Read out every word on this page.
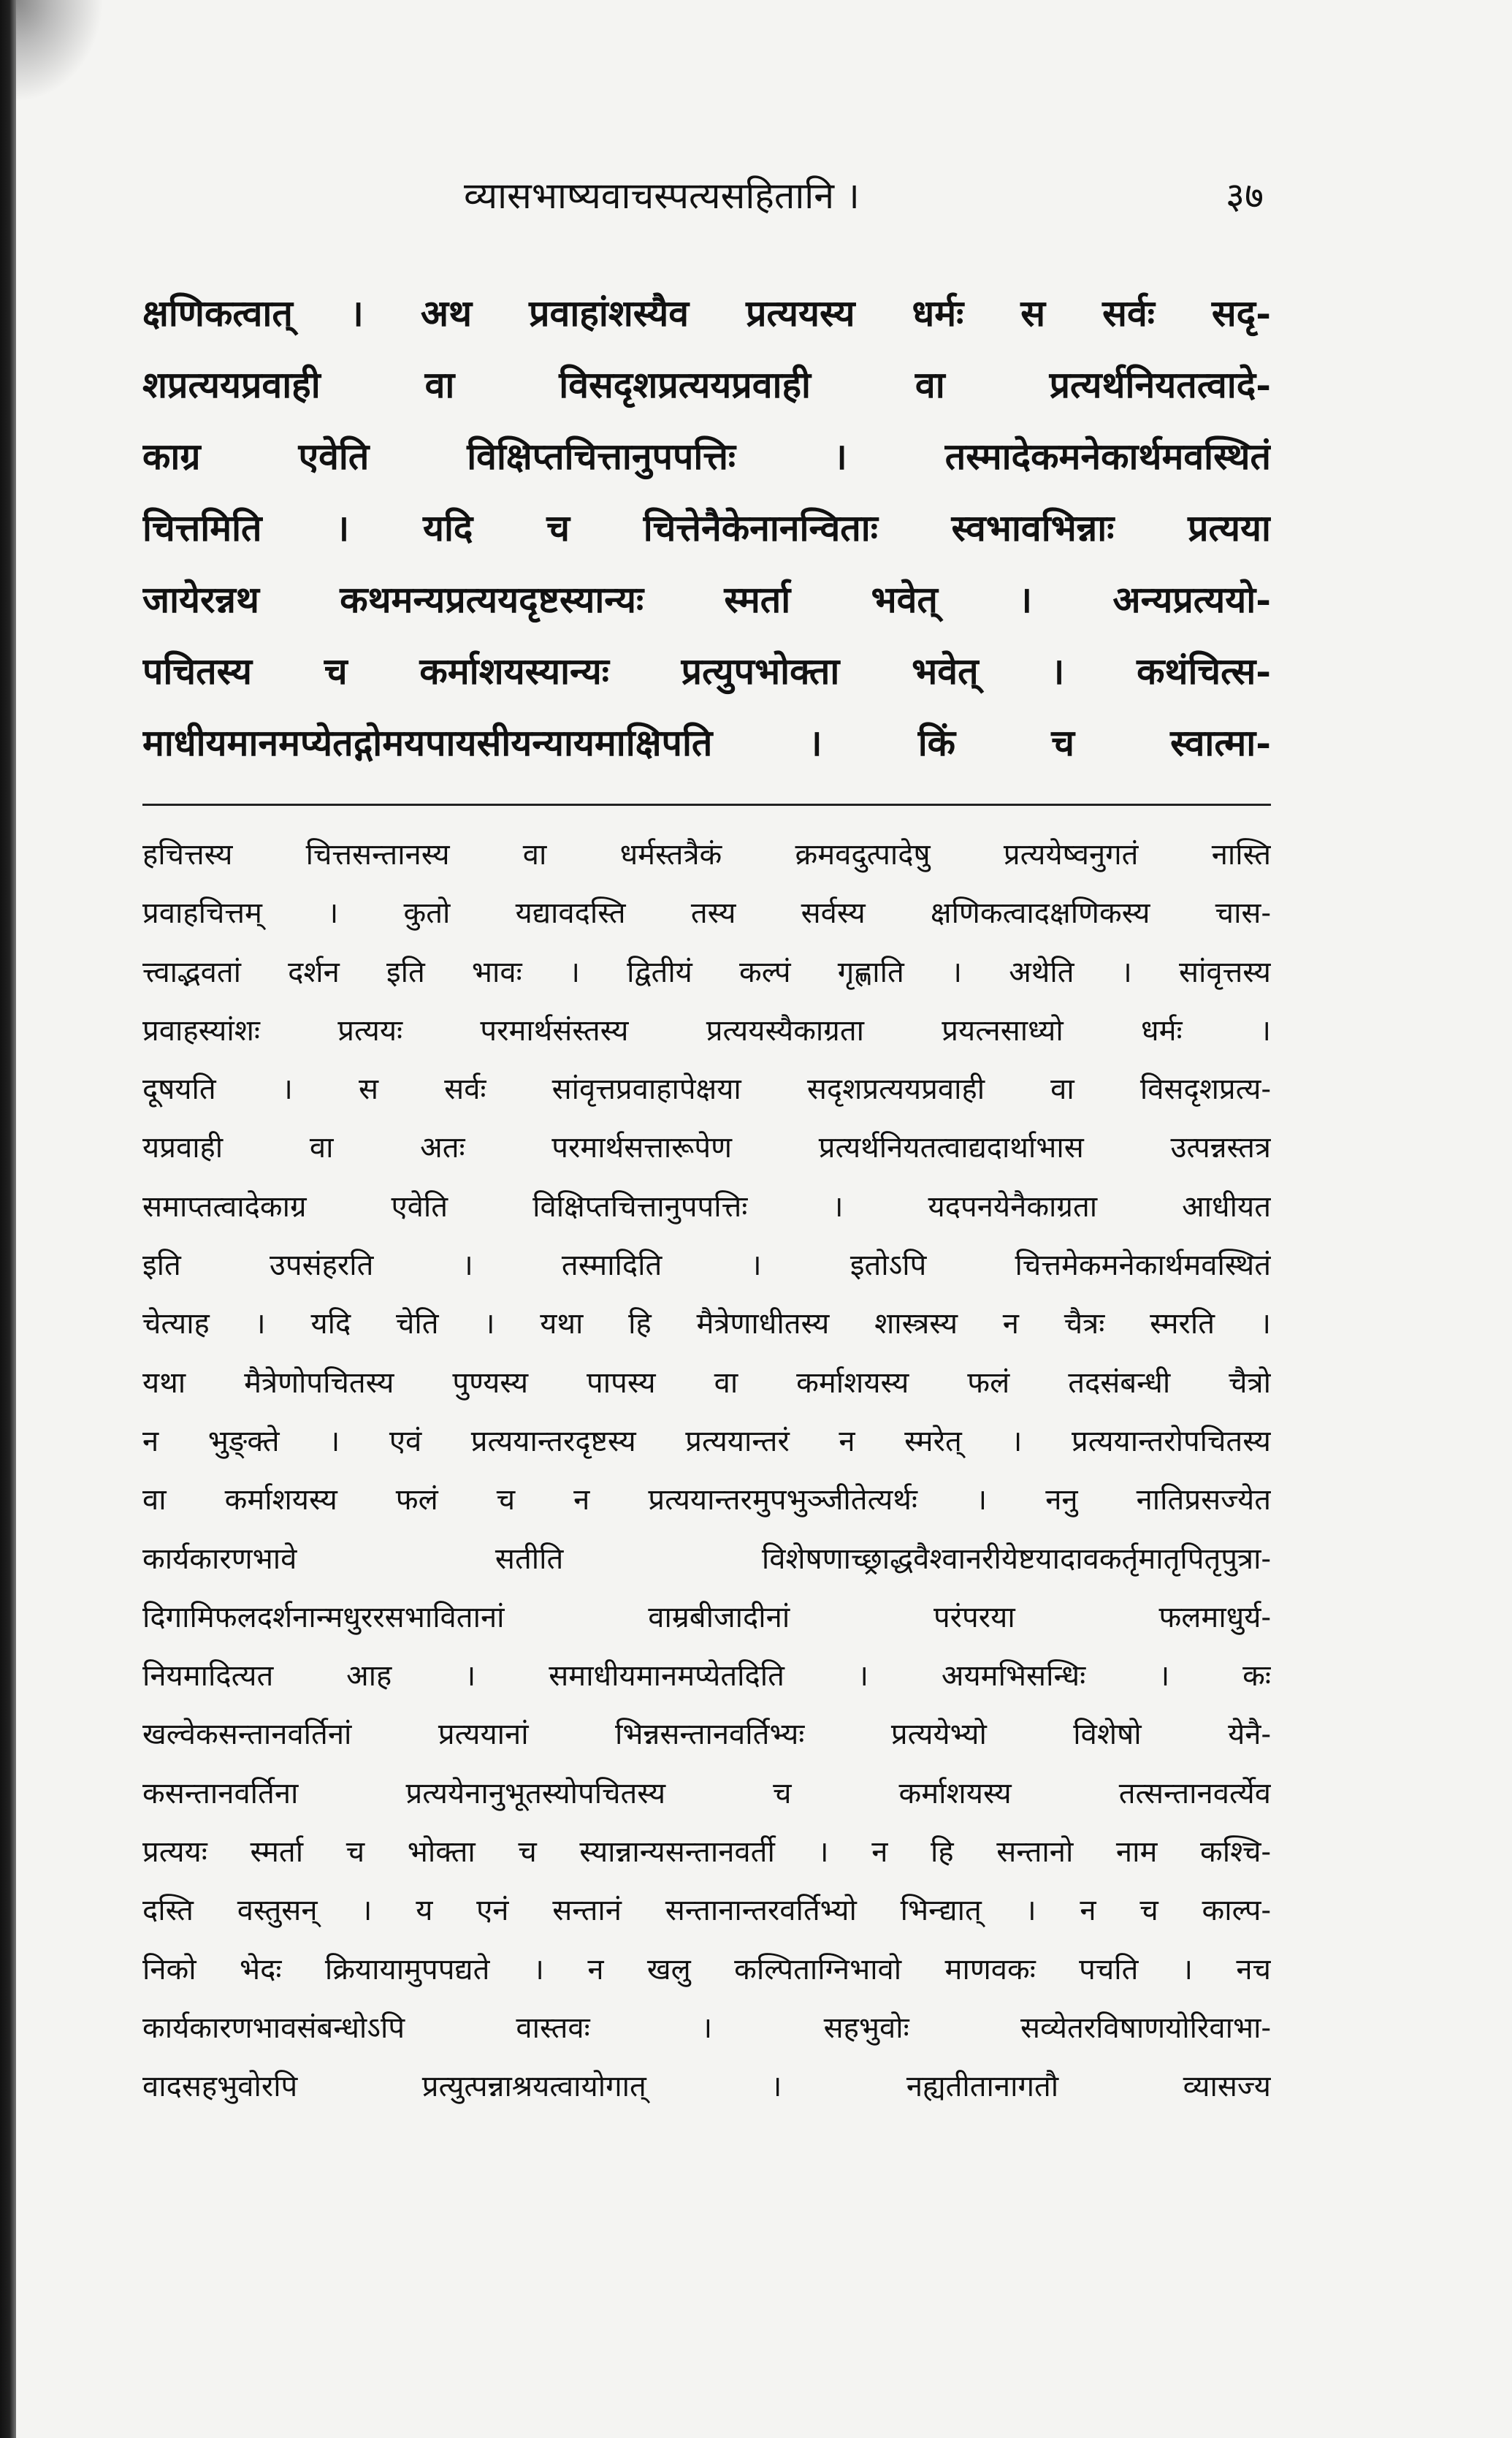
व्यासभाष्यवाचस्पत्यसहितानि ।	३७
क्षणिकत्वात् । अथ प्रवाहांशस्यैव प्रत्ययस्य धर्मः स सर्वः सदृ-
शप्रत्ययप्रवाही वा विसदृशप्रत्ययप्रवाही वा प्रत्यर्थनियतत्वादे-
काग्र एवेति विक्षिप्तचित्तानुपपत्तिः । तस्मादेकमनेकार्थमवस्थितं
चित्तमिति । यदि च चित्तेनैकेनानन्विताः स्वभावभिन्नाः प्रत्यया
जायेरन्नथ कथमन्यप्रत्ययदृष्टस्यान्यः स्मर्ता भवेत् । अन्यप्रत्ययो-
पचितस्य च कर्माशयस्यान्यः प्रत्युपभोक्ता भवेत् । कथंचित्स-
माधीयमानमप्येतद्गोमयपायसीयन्यायमाक्षिपति । किं च स्वात्मा-
हचित्तस्य चित्तसन्तानस्य वा धर्मस्तत्रैकं क्रमवदुत्पादेषु प्रत्ययेष्वनुगतं नास्ति
प्रवाहचित्तम् । कुतो यद्यावदस्ति तस्य सर्वस्य क्षणिकत्वादक्षणिकस्य चास-
त्त्वाद्भवतां दर्शन इति भावः । द्वितीयं कल्पं गृह्णाति । अथेति । सांवृत्तस्य
प्रवाहस्यांशः प्रत्ययः परमार्थसंस्तस्य प्रत्ययस्यैकाग्रता प्रयत्नसाध्यो धर्मः ।
दूषयति । स सर्वः सांवृत्तप्रवाहापेक्षया सदृशप्रत्ययप्रवाही वा विसदृशप्रत्य-
यप्रवाही वा अतः परमार्थसत्तारूपेण प्रत्यर्थनियतत्वाद्यदार्थाभास उत्पन्नस्तत्र
समाप्तत्वादेकाग्र एवेति विक्षिप्तचित्तानुपपत्तिः । यदपनयेनैकाग्रता आधीयत
इति उपसंहरति । तस्मादिति । इतोऽपि चित्तमेकमनेकार्थमवस्थितं
चेत्याह । यदि चेति । यथा हि मैत्रेणाधीतस्य शास्त्रस्य न चैत्रः स्मरति ।
यथा मैत्रेणोपचितस्य पुण्यस्य पापस्य वा कर्माशयस्य फलं तदसंबन्धी चैत्रो
न भुङ्क्ते । एवं प्रत्ययान्तरदृष्टस्य प्रत्ययान्तरं न स्मरेत् । प्रत्ययान्तरोपचितस्य
वा कर्माशयस्य फलं च न प्रत्ययान्तरमुपभुञ्जीतेत्यर्थः । ननु नातिप्रसज्येत
कार्यकारणभावे सतीति विशेषणाच्छ्राद्धवैश्वानरीयेष्टयादावकर्तृमातृपितृपुत्रा-
दिगामिफलदर्शनान्मधुररसभावितानां वाम्रबीजादीनां परंपरया फलमाधुर्य-
नियमादित्यत आह । समाधीयमानमप्येतदिति । अयमभिसन्धिः । कः
खल्वेकसन्तानवर्तिनां प्रत्ययानां भिन्नसन्तानवर्तिभ्यः प्रत्ययेभ्यो विशेषो येनै-
कसन्तानवर्तिना प्रत्ययेनानुभूतस्योपचितस्य च कर्माशयस्य तत्सन्तानवर्त्येव
प्रत्ययः स्मर्ता च भोक्ता च स्यान्नान्यसन्तानवर्ती । न हि सन्तानो नाम कश्चि-
दस्ति वस्तुसन् । य एनं सन्तानं सन्तानान्तरवर्तिभ्यो भिन्द्यात् । न च काल्प-
निको भेदः क्रियायामुपपद्यते । न खलु कल्पिताग्निभावो माणवकः पचति । नच
कार्यकारणभावसंबन्धोऽपि वास्तवः । सहभुवोः सव्येतरविषाणयोरिवाभा-
वादसहभुवोरपि प्रत्युत्पन्नाश्रयत्वायोगात् । नह्यतीतानागतौ व्यासज्य
